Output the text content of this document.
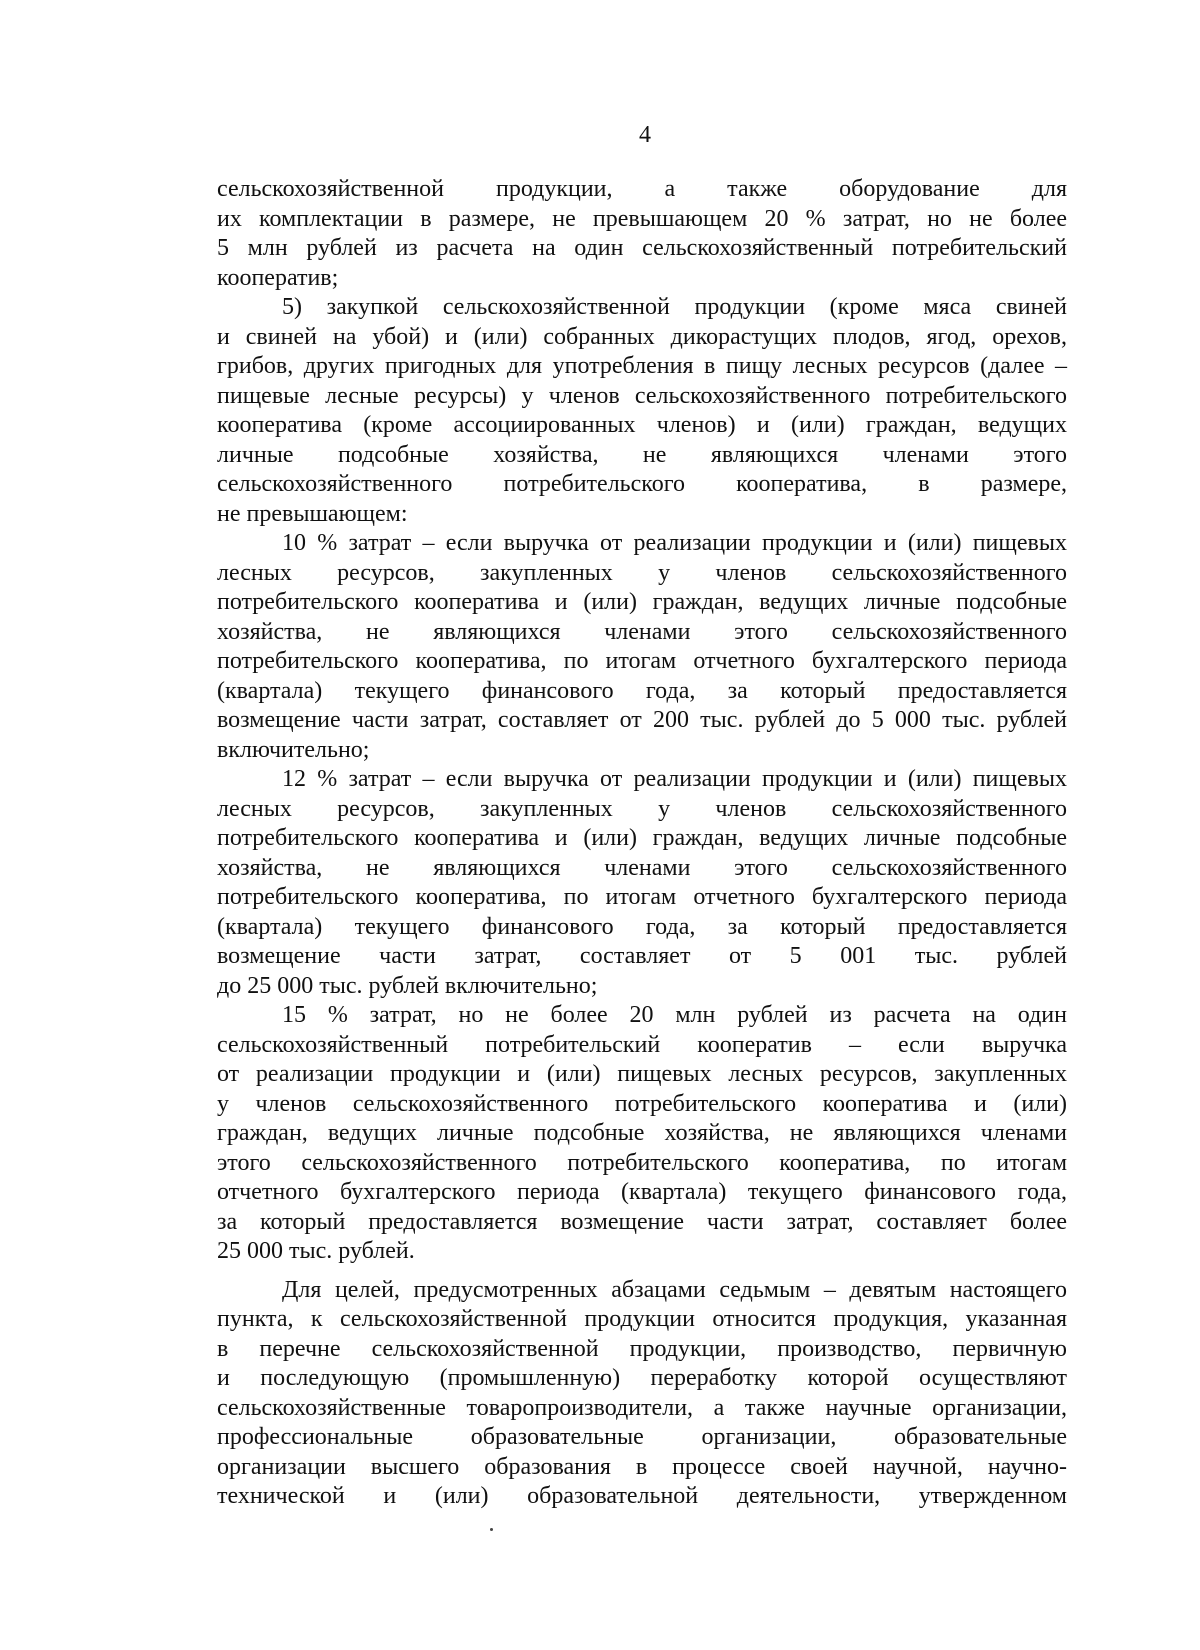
4

сельскохозяйственной продукции, а также оборудование для
их комплектации в размере, не превышающем 20 % затрат, но не более
5 млн рублей из расчета на один сельскохозяйственный потребительский
кооператив;

5) закупкой сельскохозяйственной продукции (кроме мяса свиней
и свиней на убой) и (или) собранных дикорастущих плодов, ягод, орехов,
грибов, других пригодных для употребления в пищу лесных ресурсов (далее –
пищевые лесные ресурсы) у членов сельскохозяйственного потребительского
кооператива (кроме ассоциированных членов) и (или) граждан, ведущих
личные подсобные хозяйства, не являющихся членами этого
сельскохозяйственного потребительского кооператива, в размере,
не превышающем:

10 % затрат – если выручка от реализации продукции и (или) пищевых
лесных ресурсов, закупленных у членов сельскохозяйственного
потребительского кооператива и (или) граждан, ведущих личные подсобные
хозяйства, не являющихся членами этого сельскохозяйственного
потребительского кооператива, по итогам отчетного бухгалтерского периода
(квартала) текущего финансового года, за который предоставляется
возмещение части затрат, составляет от 200 тыс. рублей до 5 000 тыс. рублей
включительно;

12 % затрат – если выручка от реализации продукции и (или) пищевых
лесных ресурсов, закупленных у членов сельскохозяйственного
потребительского кооператива и (или) граждан, ведущих личные подсобные
хозяйства, не являющихся членами этого сельскохозяйственного
потребительского кооператива, по итогам отчетного бухгалтерского периода
(квартала) текущего финансового года, за который предоставляется
возмещение части затрат, составляет от 5 001 тыс. рублей
до 25 000 тыс. рублей включительно;

15 % затрат, но не более 20 млн рублей из расчета на один
сельскохозяйственный потребительский кооператив – если выручка
от реализации продукции и (или) пищевых лесных ресурсов, закупленных
у членов сельскохозяйственного потребительского кооператива и (или)
граждан, ведущих личные подсобные хозяйства, не являющихся членами
этого сельскохозяйственного потребительского кооператива, по итогам
отчетного бухгалтерского периода (квартала) текущего финансового года,
за который предоставляется возмещение части затрат, составляет более
25 000 тыс. рублей.

Для целей, предусмотренных абзацами седьмым – девятым настоящего
пункта, к сельскохозяйственной продукции относится продукция, указанная
в перечне сельскохозяйственной продукции, производство, первичную
и последующую (промышленную) переработку которой осуществляют
сельскохозяйственные товаропроизводители, а также научные организации,
профессиональные образовательные организации, образовательные
организации высшего образования в процессе своей научной, научно-
технической и (или) образовательной деятельности, утвержденном
